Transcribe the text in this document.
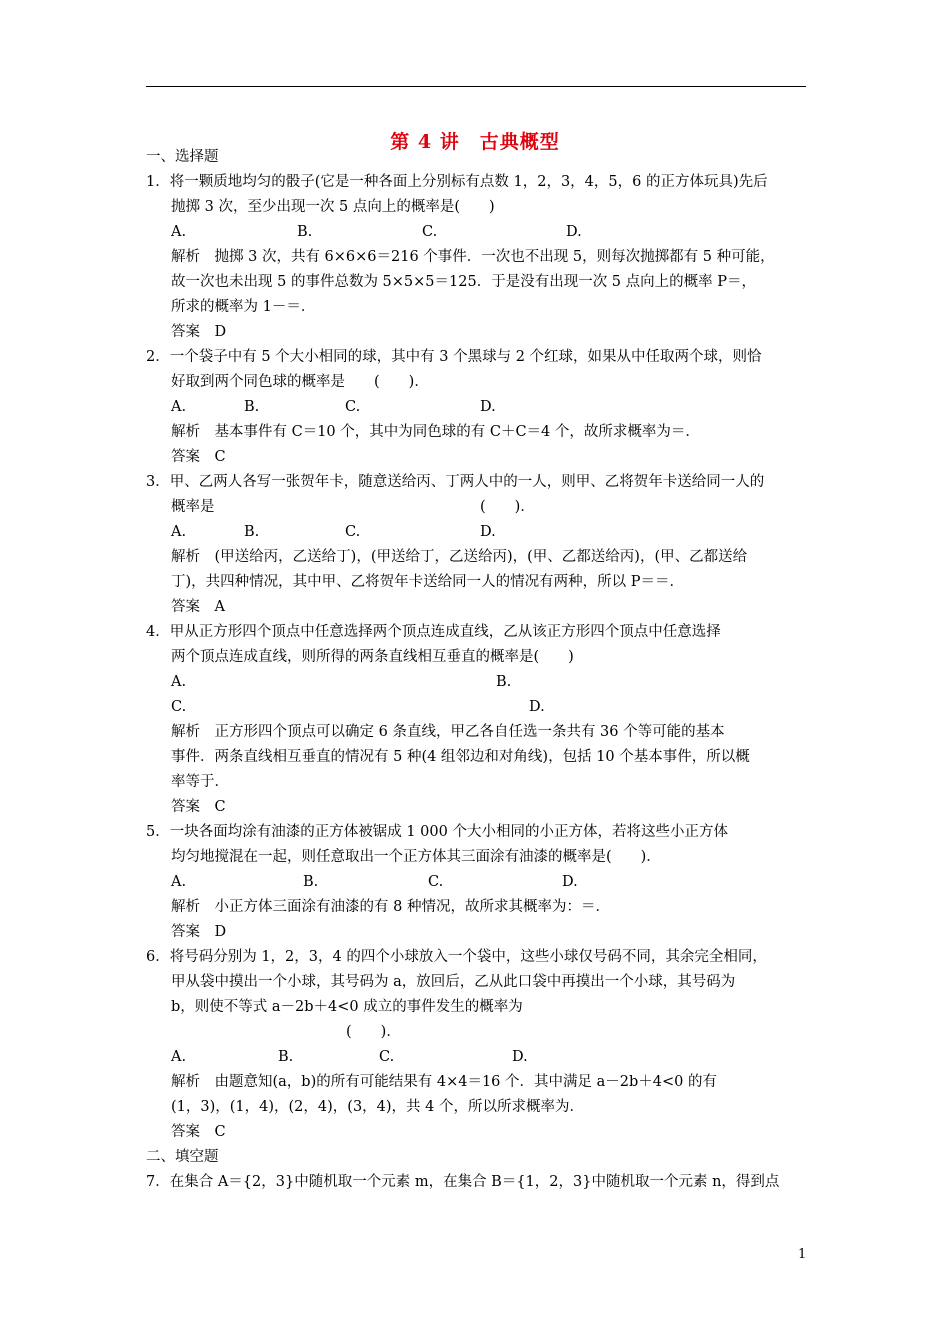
第 4 讲　古典概型
一、选择题
1．将一颗质地均匀的骰子(它是一种各面上分别标有点数 1，2，3，4，5，6 的正方体玩具)先后
抛掷 3 次，至少出现一次 5 点向上的概率是(　　)
A.	B.	C.	D.
解析　抛掷 3 次，共有 6×6×6＝216 个事件．一次也不出现 5，则每次抛掷都有 5 种可能，
故一次也未出现 5 的事件总数为 5×5×5＝125．于是没有出现一次 5 点向上的概率 P＝，
所求的概率为 1－＝．
答案　D
2．一个袋子中有 5 个大小相同的球，其中有 3 个黑球与 2 个红球，如果从中任取两个球，则恰
好取到两个同色球的概率是　　(　　)．
A.	B.	C.	D.
解析　基本事件有 C＝10 个，其中为同色球的有 C＋C＝4 个，故所求概率为＝．
答案　C
3．甲、乙两人各写一张贺年卡，随意送给丙、丁两人中的一人，则甲、乙将贺年卡送给同一人的
概率是	(　　)．
A.	B.	C.	D.
解析　(甲送给丙，乙送给丁)，(甲送给丁，乙送给丙)，(甲、乙都送给丙)，(甲、乙都送给
丁)，共四种情况，其中甲、乙将贺年卡送给同一人的情况有两种，所以 P＝＝．
答案　A
4．甲从正方形四个顶点中任意选择两个顶点连成直线，乙从该正方形四个顶点中任意选择
两个顶点连成直线，则所得的两条直线相互垂直的概率是(　　)
A.	B.
C.	D.
解析　正方形四个顶点可以确定 6 条直线，甲乙各自任选一条共有 36 个等可能的基本
事件．两条直线相互垂直的情况有 5 种(4 组邻边和对角线)，包括 10 个基本事件，所以概
率等于．
答案　C
5．一块各面均涂有油漆的正方体被锯成 1 000 个大小相同的小正方体，若将这些小正方体
均匀地搅混在一起，则任意取出一个正方体其三面涂有油漆的概率是(　　)．
A.	B.	C.	D.
解析　小正方体三面涂有油漆的有 8 种情况，故所求其概率为：＝．
答案　D
6．将号码分别为 1，2，3，4 的四个小球放入一个袋中，这些小球仅号码不同，其余完全相同，
甲从袋中摸出一个小球，其号码为 a，放回后，乙从此口袋中再摸出一个小球，其号码为
b，则使不等式 a－2b＋4<0 成立的事件发生的概率为
(　　)．
A.	B.	C.	D.
解析　由题意知(a，b)的所有可能结果有 4×4＝16 个．其中满足 a－2b＋4<0 的有
(1，3)，(1，4)，(2，4)，(3，4)，共 4 个，所以所求概率为．
答案　C
二、填空题
7．在集合 A＝{2，3}中随机取一个元素 m，在集合 B＝{1，2，3}中随机取一个元素 n，得到点
1
